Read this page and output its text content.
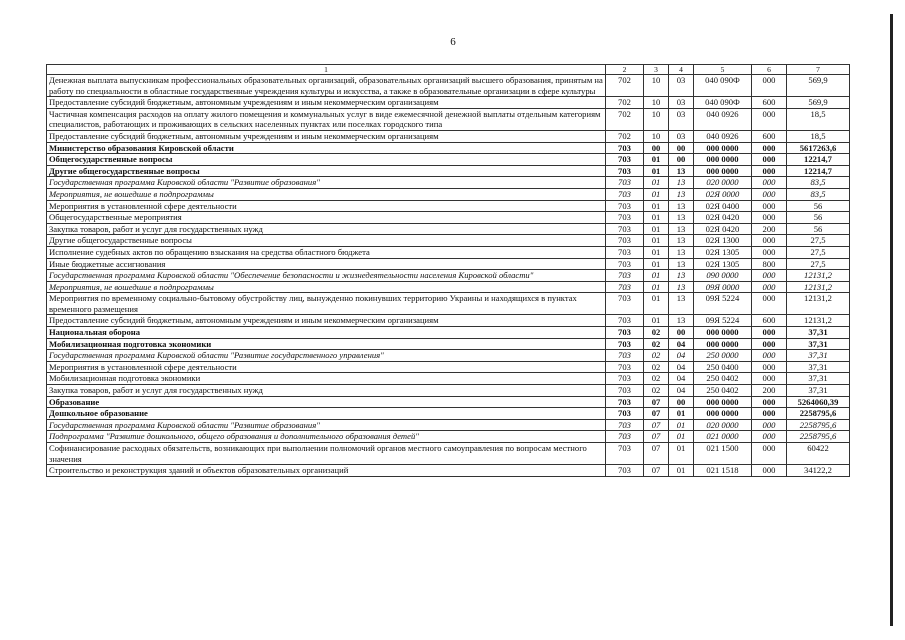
6
1	2	3	4	5	6	7
Денежная выплата выпускникам профессиональных образовательных организаций, образовательных организаций высшего образования, принятым на работу по специальности в областные государственные учреждения культуры и искусства, а также в образовательные организации в сфере культуры	702	10	03	040 090Ф	000	569,9
Предоставление субсидий бюджетным, автономным учреждениям и иным некоммерческим организациям	702	10	03	040 090Ф	600	569,9
Частичная компенсация расходов на оплату жилого помещения и коммунальных услуг в виде ежемесячной денежной выплаты отдельным категориям специалистов, работающих и проживающих в сельских населенных пунктах или поселках городского типа	702	10	03	040 0926	000	18,5
Предоставление субсидий бюджетным, автономным учреждениям и иным некоммерческим организациям	702	10	03	040 0926	600	18,5
Министерство образования Кировской области	703	00	00	000 0000	000	5617263,6
Общегосударственные вопросы	703	01	00	000 0000	000	12214,7
Другие общегосударственные вопросы	703	01	13	000 0000	000	12214,7
Государственная программа Кировской области "Развитие образования"	703	01	13	020 0000	000	83,5
Мероприятия, не вошедшие в подпрограммы	703	01	13	02Я 0000	000	83,5
Мероприятия в установленной сфере деятельности	703	01	13	02Я 0400	000	56
Общегосударственные мероприятия	703	01	13	02Я 0420	000	56
Закупка товаров, работ и услуг для государственных нужд	703	01	13	02Я 0420	200	56
Другие общегосударственные вопросы	703	01	13	02Я 1300	000	27,5
Исполнение судебных актов по обращению взыскания на средства областного бюджета	703	01	13	02Я 1305	000	27,5
Иные бюджетные ассигнования	703	01	13	02Я 1305	800	27,5
Государственная программа Кировской области "Обеспечение безопасности и жизнедеятельности населения Кировской области"	703	01	13	090 0000	000	12131,2
Мероприятия, не вошедшие в подпрограммы	703	01	13	09Я 0000	000	12131,2
Мероприятия по временному социально-бытовому обустройству лиц, вынужденно покинувших территорию Украины и находящихся в пунктах временного размещения	703	01	13	09Я 5224	000	12131,2
Предоставление субсидий бюджетным, автономным учреждениям и иным некоммерческим организациям	703	01	13	09Я 5224	600	12131,2
Национальная оборона	703	02	00	000 0000	000	37,31
Мобилизационная подготовка экономики	703	02	04	000 0000	000	37,31
Государственная программа Кировской области "Развитие государственного управления"	703	02	04	250 0000	000	37,31
Мероприятия в установленной сфере деятельности	703	02	04	250 0400	000	37,31
Мобилизационная подготовка экономики	703	02	04	250 0402	000	37,31
Закупка товаров, работ и услуг для государственных нужд	703	02	04	250 0402	200	37,31
Образование	703	07	00	000 0000	000	5264060,39
Дошкольное образование	703	07	01	000 0000	000	2258795,6
Государственная программа Кировской области "Развитие образования"	703	07	01	020 0000	000	2258795,6
Подпрограмма "Развитие дошкольного, общего образования и дополнительного образования детей"	703	07	01	021 0000	000	2258795,6
Софинансирование расходных обязательств, возникающих при выполнении полномочий органов местного самоуправления по вопросам местного значения	703	07	01	021 1500	000	60422
Строительство и реконструкция зданий и объектов образовательных организаций	703	07	01	021 1518	000	34122,2
